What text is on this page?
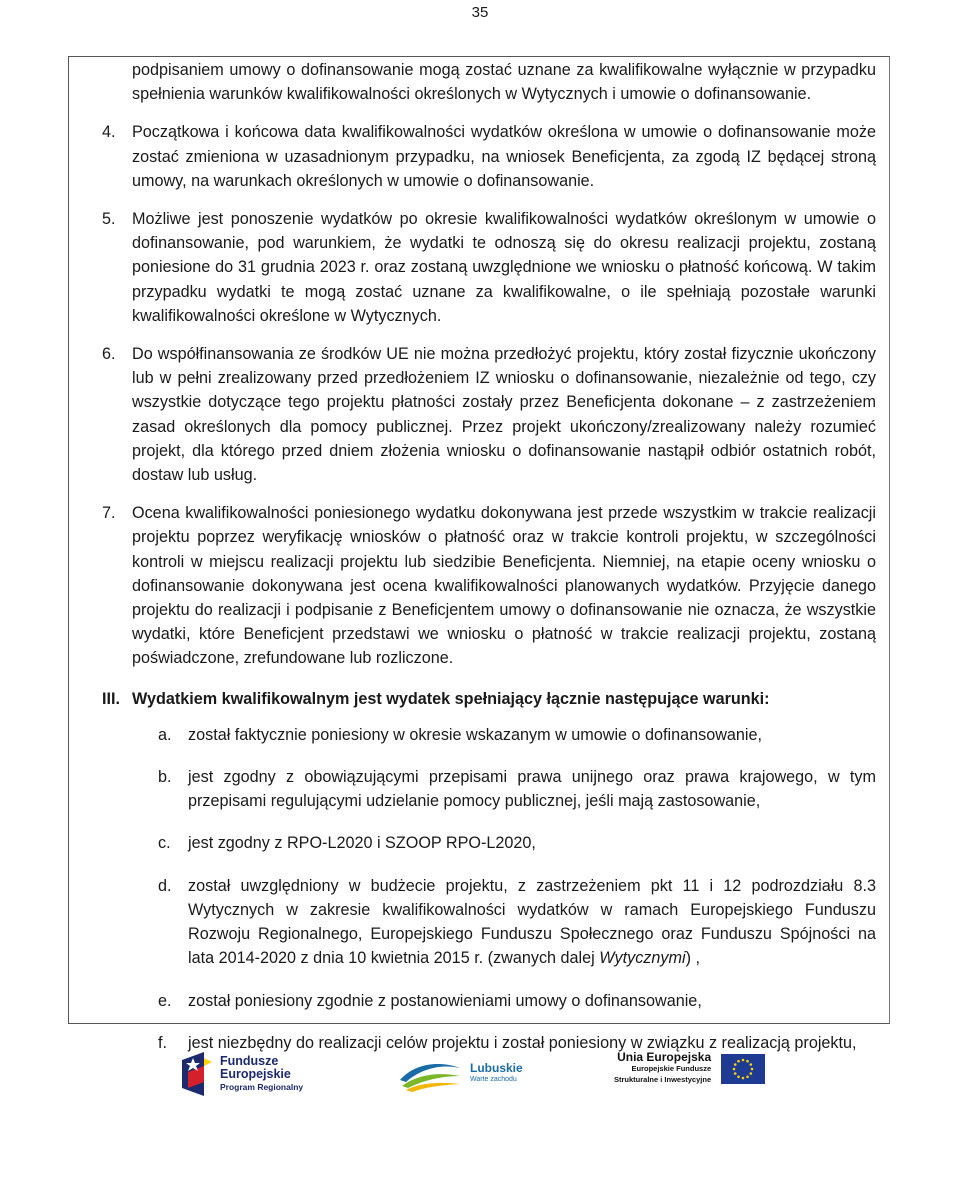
35
podpisaniem umowy o dofinansowanie mogą zostać uznane za kwalifikowalne wyłącznie w przypadku spełnienia warunków kwalifikowalności określonych w Wytycznych i umowie o dofinansowanie.
4.	Początkowa i końcowa data kwalifikowalności wydatków określona w umowie o dofinansowanie może zostać zmieniona w uzasadnionym przypadku, na wniosek Beneficjenta, za zgodą IZ będącej stroną umowy, na warunkach określonych w umowie o dofinansowanie.
5.	Możliwe jest ponoszenie wydatków po okresie kwalifikowalności wydatków określonym w umowie o dofinansowanie, pod warunkiem, że wydatki te odnoszą się do okresu realizacji projektu, zostaną poniesione do 31 grudnia 2023 r. oraz zostaną uwzględnione we wniosku o płatność końcową. W takim przypadku wydatki te mogą zostać uznane za kwalifikowalne, o ile spełniają pozostałe warunki kwalifikowalności określone w Wytycznych.
6.	Do współfinansowania ze środków UE nie można przedłożyć projektu, który został fizycznie ukończony lub w pełni zrealizowany przed przedłożeniem IZ wniosku o dofinansowanie, niezależnie od tego, czy wszystkie dotyczące tego projektu płatności zostały przez Beneficjenta dokonane – z zastrzeżeniem zasad określonych dla pomocy publicznej. Przez projekt ukończony/zrealizowany należy rozumieć projekt, dla którego przed dniem złożenia wniosku o dofinansowanie nastąpił odbiór ostatnich robót, dostaw lub usług.
7.	Ocena kwalifikowalności poniesionego wydatku dokonywana jest przede wszystkim w trakcie realizacji projektu poprzez weryfikację wniosków o płatność oraz w trakcie kontroli projektu, w szczególności kontroli w miejscu realizacji projektu lub siedzibie Beneficjenta. Niemniej, na etapie oceny wniosku o dofinansowanie dokonywana jest ocena kwalifikowalności planowanych wydatków. Przyjęcie danego projektu do realizacji i podpisanie z Beneficjentem umowy o dofinansowanie nie oznacza, że wszystkie wydatki, które Beneficjent przedstawi we wniosku o płatność w trakcie realizacji projektu, zostaną poświadczone, zrefundowane lub rozliczone.
III. Wydatkiem kwalifikowalnym jest wydatek spełniający łącznie następujące warunki:
a.	został faktycznie poniesiony w okresie wskazanym w umowie o dofinansowanie,
b.	jest zgodny z obowiązującymi przepisami prawa unijnego oraz prawa krajowego, w tym przepisami regulującymi udzielanie pomocy publicznej, jeśli mają zastosowanie,
c.	jest zgodny z RPO-L2020 i SZOOP RPO-L2020,
d.	został uwzględniony w budżecie projektu, z zastrzeżeniem pkt 11 i 12 podrozdziału 8.3 Wytycznych w zakresie kwalifikowalności wydatków w ramach Europejskiego Funduszu Rozwoju Regionalnego, Europejskiego Funduszu Społecznego oraz Funduszu Spójności na lata 2014-2020 z dnia 10 kwietnia 2015 r. (zwanych dalej Wytycznymi) ,
e.	został poniesiony zgodnie z postanowieniami umowy o dofinansowanie,
f.	jest niezbędny do realizacji celów projektu i został poniesiony w związku z realizacją projektu,
Fundusze
Europejskie
Program Regionalny
Lubuskie
Warte zachodu
Unia Europejska
Europejskie Fundusze
Strukturalne i Inwestycyjne
